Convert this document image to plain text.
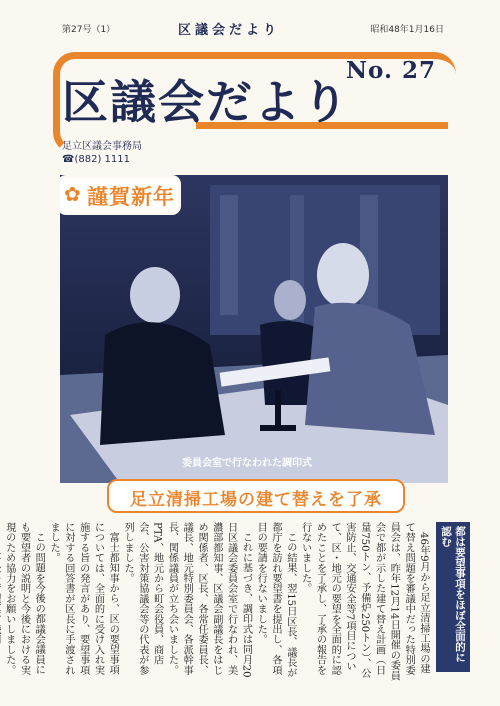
第27号（1）	区議会だより	昭和48年1月16日
No. 27
区議会だより
足立区議会事務局
☎(882) 1111
✿ 謹賀新年
委員会室で行なわれた調印式
足立清掃工場の建て替えを了承
都は要望事項をほぼ全面的に認む

46年9月から足立清掃工場の建て替え問題を審議中だった特別委員会は、昨年12月14日開催の委員会で都が示した建て替え計画（日量750トン、予備炉250トン）、公害防止、交通安全等7項目について、区・地元の要望を全面的に認めたことを了承し、了承の報告を行ないました。

この結果、翌15日区長、議長が都庁を訪れ要望書を提出し、各項目の要請を行ないました。

これに基づき、調印式は同月20日区議会委員会室で行なわれ、美濃部都知事、区議会副議長をはじめ関係者、区長、各常任委員長、議長、地元特別委員会、各派幹事長、関係議員が立ち会いました。PTA、地元から町会役員、商店会、公害対策協議会等の代表が参列しました。

富士都知事から、区の要望事項については、全面的に受け入れ実施する旨の発言があり、要望事項に対する回答書が区長に手渡されました。

この問題を今後の都議会議員にも要望者の説明と今後における実現のため協力をお願いしました。
